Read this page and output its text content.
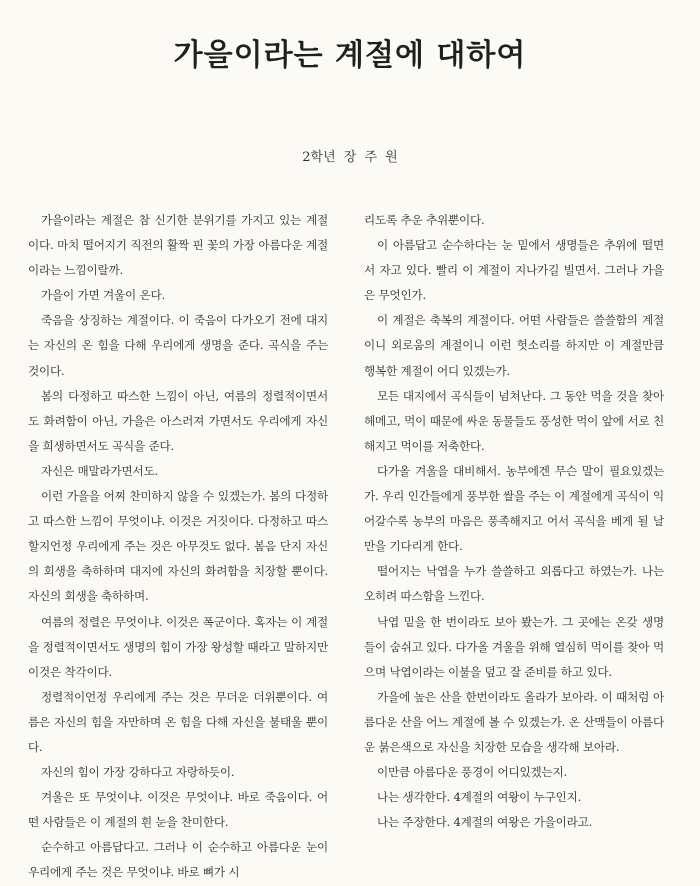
가을이라는 계절에 대하여
2학년 장 주 원

가을이라는 계절은 참 신기한 분위기를 가지고 있는 계절이다. 마치 떨어지기 직전의 활짝 핀 꽃의 가장 아름다운 계절이라는 느낌이랄까.

가을이 가면 겨울이 온다.

죽음을 상징하는 계절이다. 이 죽음이 다가오기 전에 대지는 자신의 온 힘을 다해 우리에게 생명을 준다. 곡식을 주는 것이다.

봄의 다정하고 따스한 느낌이 아닌, 여름의 정렬적이면서도 화려함이 아닌, 가을은 아스러져 가면서도 우리에게 자신을 희생하면서도 곡식을 준다.

자신은 매말라가면서도.

이런 가을을 어찌 찬미하지 않을 수 있겠는가. 봄의 다정하고 따스한 느낌이 무엇이냐. 이것은 거짓이다. 다정하고 따스할지언정 우리에게 주는 것은 아무것도 없다. 봄음 단지 자신의 회생을 축하하며 대지에 자신의 화려함을 치장할 뿐이다. 자신의 회생을 축하하며.

여름의 정렬은 무엇이냐. 이것은 폭군이다. 혹자는 이 계절을 정렬적이면서도 생명의 힘이 가장 왕성할 때라고 말하지만 이것은 착각이다.

정렬적이언정 우리에게 주는 것은 무더운 더위뿐이다. 여름은 자신의 힘을 자만하며 온 힘을 다해 자신을 불태울 뿐이다.

자신의 힘이 가장 강하다고 자랑하듯이.

겨울은 또 무엇이냐. 이것은 무엇이냐. 바로 죽음이다. 어떤 사람들은 이 계절의 흰 눈을 찬미한다.

순수하고 아름답다고. 그러나 이 순수하고 아름다운 눈이 우리에게 주는 것은 무엇이냐. 바로 뼈가 시

리도록 추운 추위뿐이다.

이 아름답고 순수하다는 눈 밑에서 생명들은 추위에 떨면서 자고 있다. 빨리 이 계절이 지나가길 빌면서. 그러나 가을은 무엇인가.

이 계절은 축복의 계절이다. 어떤 사람들은 쓸쓸함의 계절이니 외로움의 계절이니 이런 헛소리를 하지만 이 계절만큼 행복한 계절이 어디 있겠는가.

모든 대지에서 곡식들이 넘쳐난다. 그 동안 먹을 것을 찾아 헤메고, 먹이 때문에 싸운 동물들도 풍성한 먹이 앞에 서로 친해지고 먹이를 저축한다.

다가올 겨울을 대비해서. 농부에겐 무슨 말이 필요있겠는가. 우리 인간들에게 풍부한 쌀을 주는 이 계절에게 곡식이 익어갈수록 농부의 마음은 풍족해지고 어서 곡식을 베게 될 날만을 기다리게 한다.

떨어지는 낙엽을 누가 쓸쓸하고 외롭다고 하였는가. 나는 오히려 따스함을 느낀다.

낙엽 밑을 한 번이라도 보아 봤는가. 그 곳에는 온갖 생명들이 숨쉬고 있다. 다가올 겨울을 위해 열심히 먹이를 찾아 먹으며 낙엽이라는 이불을 덮고 잘 준비를 하고 있다.

가을에 높은 산을 한번이라도 올라가 보아라. 이 때처럼 아름다운 산을 어느 계절에 볼 수 있겠는가. 온 산맥들이 아름다운 붉은색으로 자신을 치장한 모습을 생각해 보아라.

이만큼 아름다운 풍경이 어디있겠는지.

나는 생각한다. 4계절의 여왕이 누구인지.

나는 주장한다. 4계절의 여왕은 가을이라고.
